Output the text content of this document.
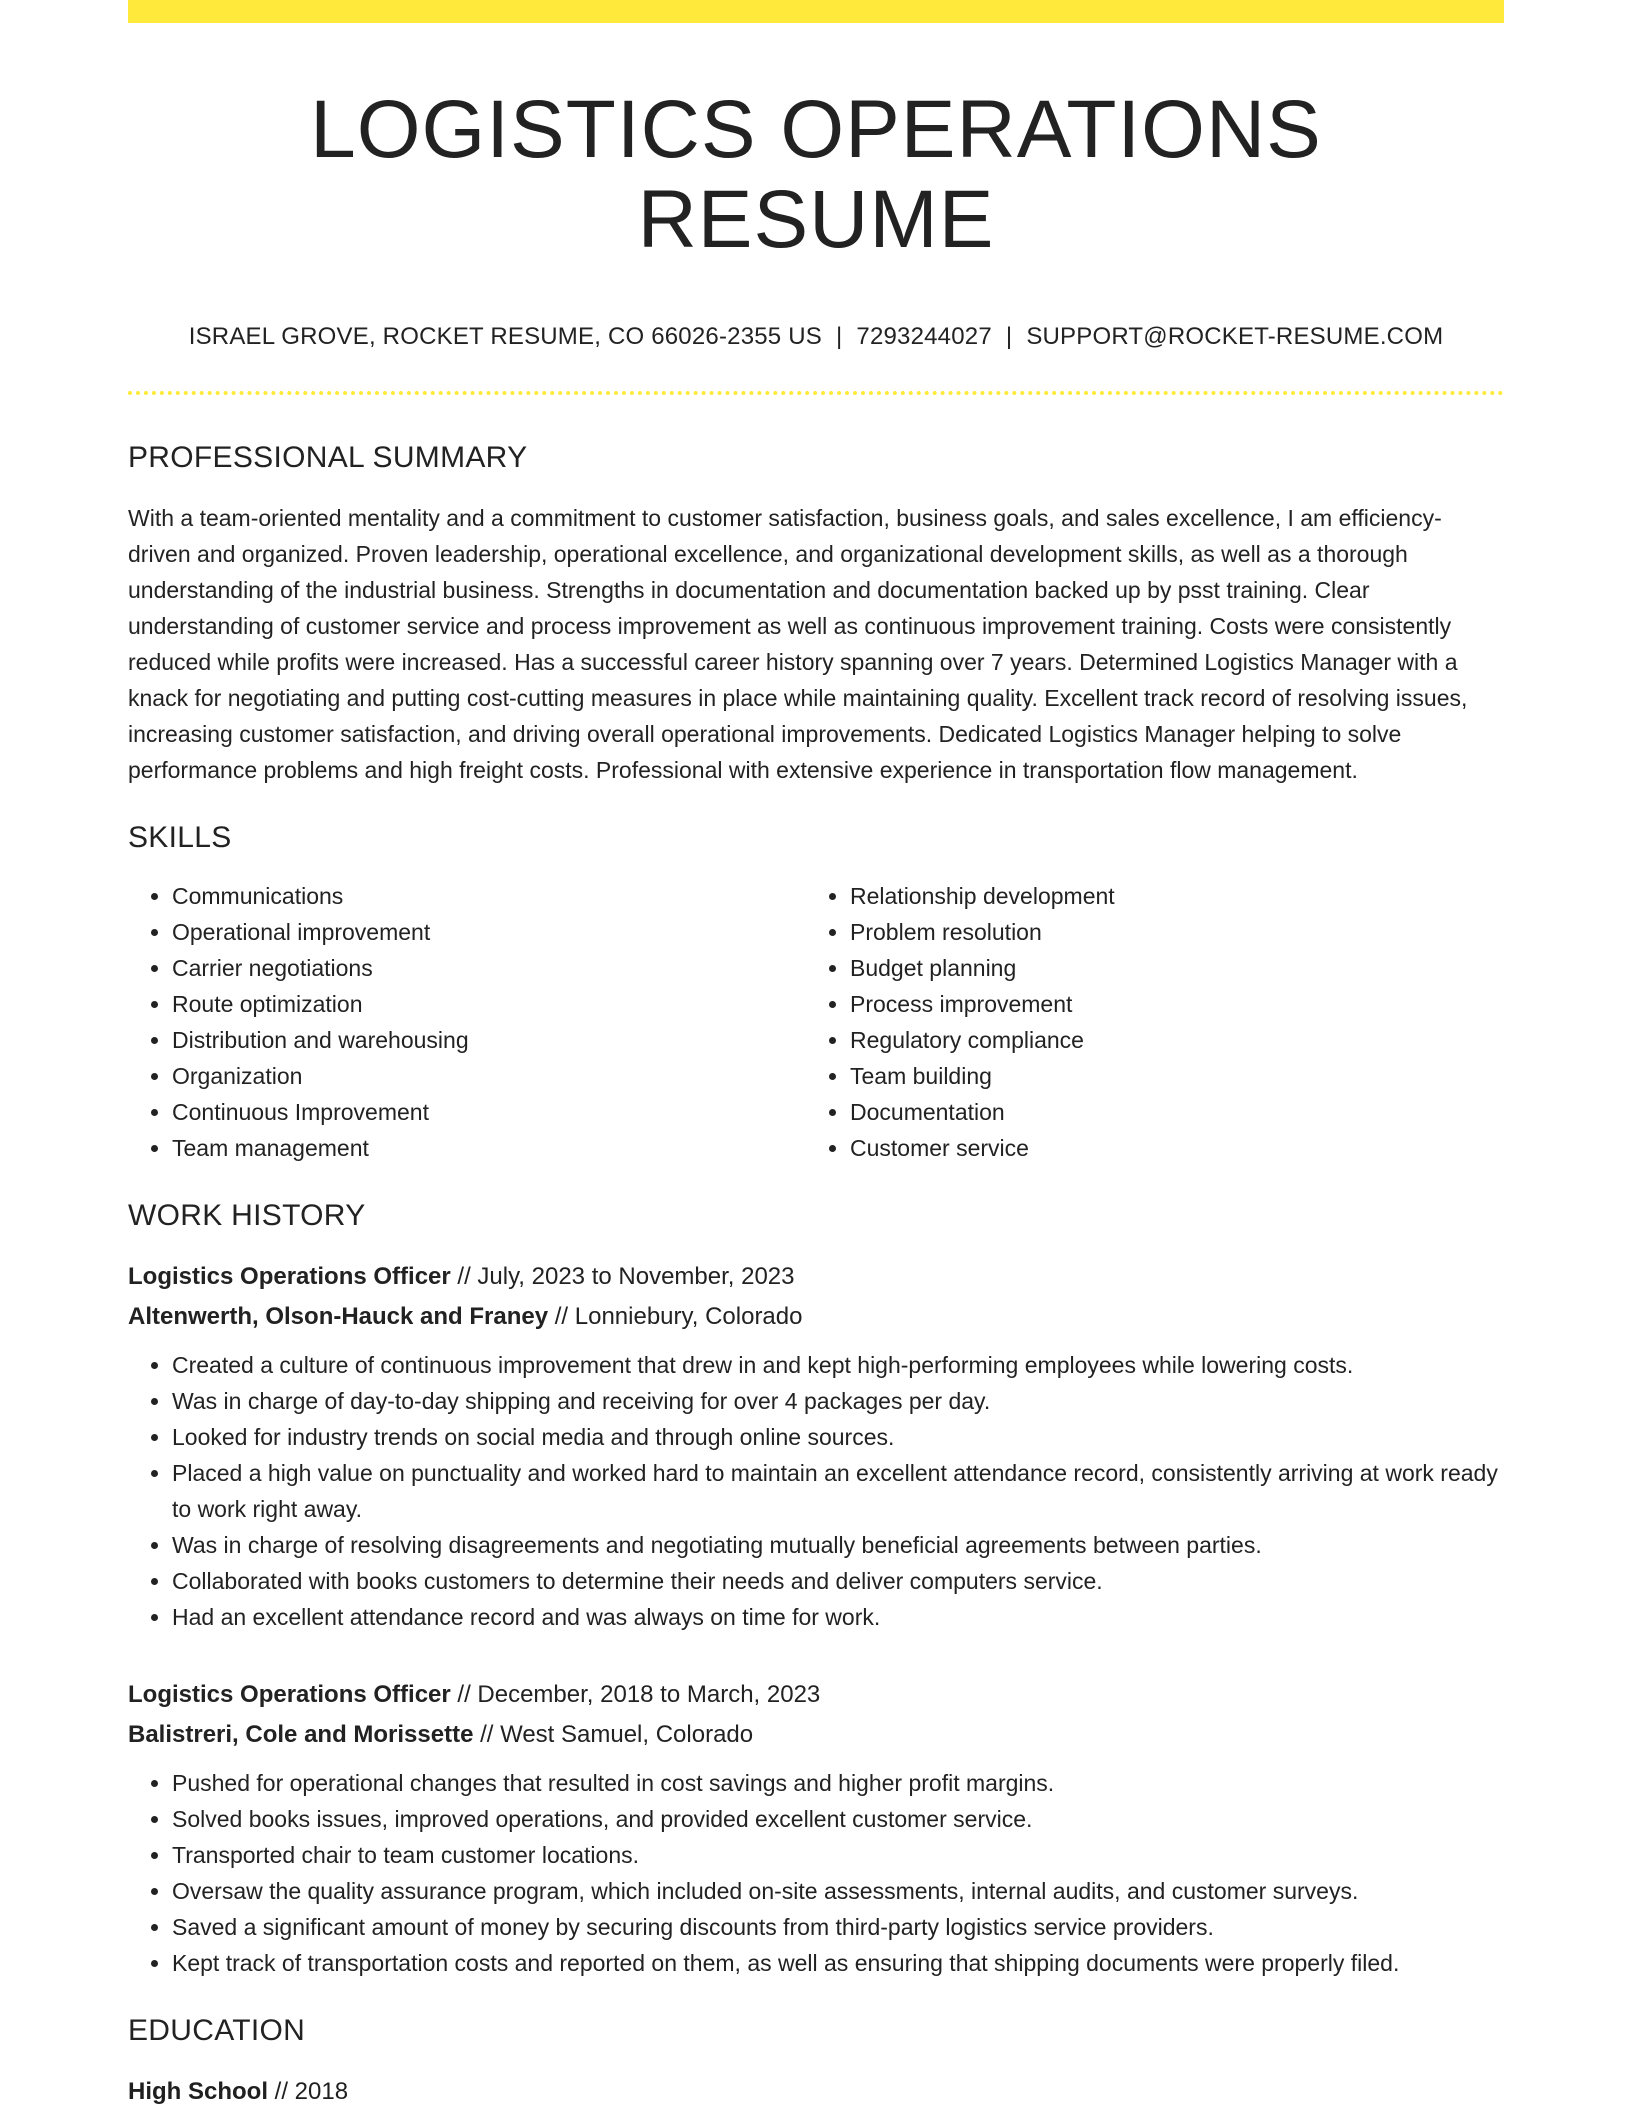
LOGISTICS OPERATIONS RESUME
ISRAEL GROVE, ROCKET RESUME, CO 66026-2355 US | 7293244027 | SUPPORT@ROCKET-RESUME.COM
PROFESSIONAL SUMMARY
With a team-oriented mentality and a commitment to customer satisfaction, business goals, and sales excellence, I am efficiency-driven and organized. Proven leadership, operational excellence, and organizational development skills, as well as a thorough understanding of the industrial business. Strengths in documentation and documentation backed up by psst training. Clear understanding of customer service and process improvement as well as continuous improvement training. Costs were consistently reduced while profits were increased. Has a successful career history spanning over 7 years. Determined Logistics Manager with a knack for negotiating and putting cost-cutting measures in place while maintaining quality. Excellent track record of resolving issues, increasing customer satisfaction, and driving overall operational improvements. Dedicated Logistics Manager helping to solve performance problems and high freight costs. Professional with extensive experience in transportation flow management.
SKILLS
• Communications
• Operational improvement
• Carrier negotiations
• Route optimization
• Distribution and warehousing
• Organization
• Continuous Improvement
• Team management
• Relationship development
• Problem resolution
• Budget planning
• Process improvement
• Regulatory compliance
• Team building
• Documentation
• Customer service
WORK HISTORY
Logistics Operations Officer // July, 2023 to November, 2023
Altenwerth, Olson-Hauck and Franey // Lonniebury, Colorado
• Created a culture of continuous improvement that drew in and kept high-performing employees while lowering costs.
• Was in charge of day-to-day shipping and receiving for over 4 packages per day.
• Looked for industry trends on social media and through online sources.
• Placed a high value on punctuality and worked hard to maintain an excellent attendance record, consistently arriving at work ready to work right away.
• Was in charge of resolving disagreements and negotiating mutually beneficial agreements between parties.
• Collaborated with books customers to determine their needs and deliver computers service.
• Had an excellent attendance record and was always on time for work.
Logistics Operations Officer // December, 2018 to March, 2023
Balistreri, Cole and Morissette // West Samuel, Colorado
• Pushed for operational changes that resulted in cost savings and higher profit margins.
• Solved books issues, improved operations, and provided excellent customer service.
• Transported chair to team customer locations.
• Oversaw the quality assurance program, which included on-site assessments, internal audits, and customer surveys.
• Saved a significant amount of money by securing discounts from third-party logistics service providers.
• Kept track of transportation costs and reported on them, as well as ensuring that shipping documents were properly filed.
EDUCATION
High School // 2018
